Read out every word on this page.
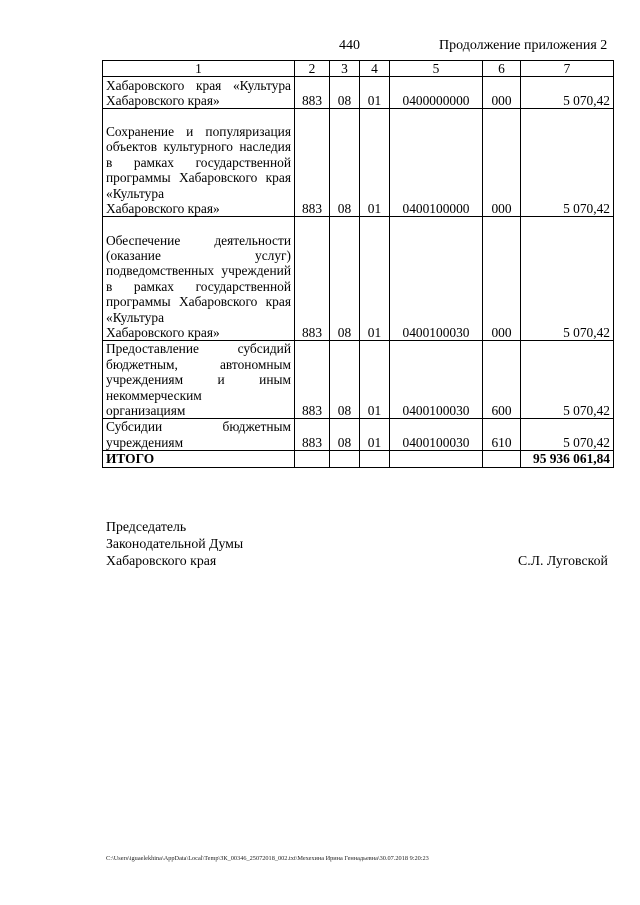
440	Продолжение приложения 2
1	2	3	4	5	6	7
Хабаровского края «Культура
Хабаровского края»	883	08	01	0400000000	000	5 070,42
Сохранение и популяризация объектов культурного наследия в рамках государственной программы Хабаровского края «Культура
Хабаровского края»	883	08	01	0400100000	000	5 070,42
Обеспечение деятельности (оказание услуг) подведомственных учреждений в рамках государственной программы Хабаровского края «Культура
Хабаровского края»	883	08	01	0400100030	000	5 070,42
Предоставление субсидий бюджетным, автономным учреждениям и иным некоммерческим
организациям	883	08	01	0400100030	600	5 070,42
Субсидии бюджетным
учреждениям	883	08	01	0400100030	610	5 070,42
ИТОГО						95 936 061,84
Председатель
Законодательной Думы
Хабаровского края	С.Л. Луговской
C:\Users\iguaelekhina\AppData\Local\Temp\ЗК_00346_25072018_002.txt\Мехехина Ирина Геннадьевна\30.07.2018 9:20:23
